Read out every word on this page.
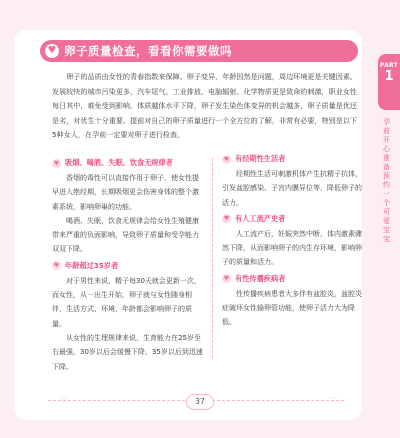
♥ 卵子质量检查，看看你需要做吗

卵子的品质由女性的青春指数来保障。卵子变异，年龄因然是问题，周边环境更是关键因素。发展较快的城市污染更多，汽车尾气、工业排放、电脑辐射、化学物质更是致命的刺激，职业女性每日其中，难免受到影响。体质越体水平下降，卵子发生染色体变异的机会越多，卵子质量是优还是劣，对优生十分重要。提前对自己的卵子质量进行一个全方位的了解，非常有必要，特别是以下5种女人，在孕前一定要对卵子进行检查。

♥ 吸烟、喝酒、失眠、饮食无规律者

香烟的毒性可以直接作用于卵子，使女性提早进入绝经期，长期吸烟更会伤害身体的整个激素系统，影响卵巢的功能。

喝酒、失眠，饮食无规律会给女性生殖健康带来严重的负面影响，导致卵子质量和受孕能力双双下降。

♥ 年龄超过35岁者

对于男性来说，精子每30天就会更新一次，而女性，从一出生开始，卵子就与女性随身相伴，生活方式、环境、年龄都会影响卵子的质量。

从女性的生理规律来说，生育能力在25岁至右最强，30岁以后会缓慢下降，35岁以后到迅速下降。

♥ 有经期性生活者

经期性生活可刺激机体产生抗精子抗体，引发盆腔感染、子宫内膜异位等，降低卵子的活力。

♥ 有人工流产史者

人工流产后，妊娠突然中断，体内激素骤然下降，从而影响卵子的内生存环境，影响卵子的质量和活力。

♥ 有性传播疾病者

性传播疾病患者大多伴有盆腔炎，盆腔炎症破坏女性输卵管功能，使卵子活力大为降低。

PART
1
孕前开心准备 预约一个可爱宝宝
♡	♡
37
